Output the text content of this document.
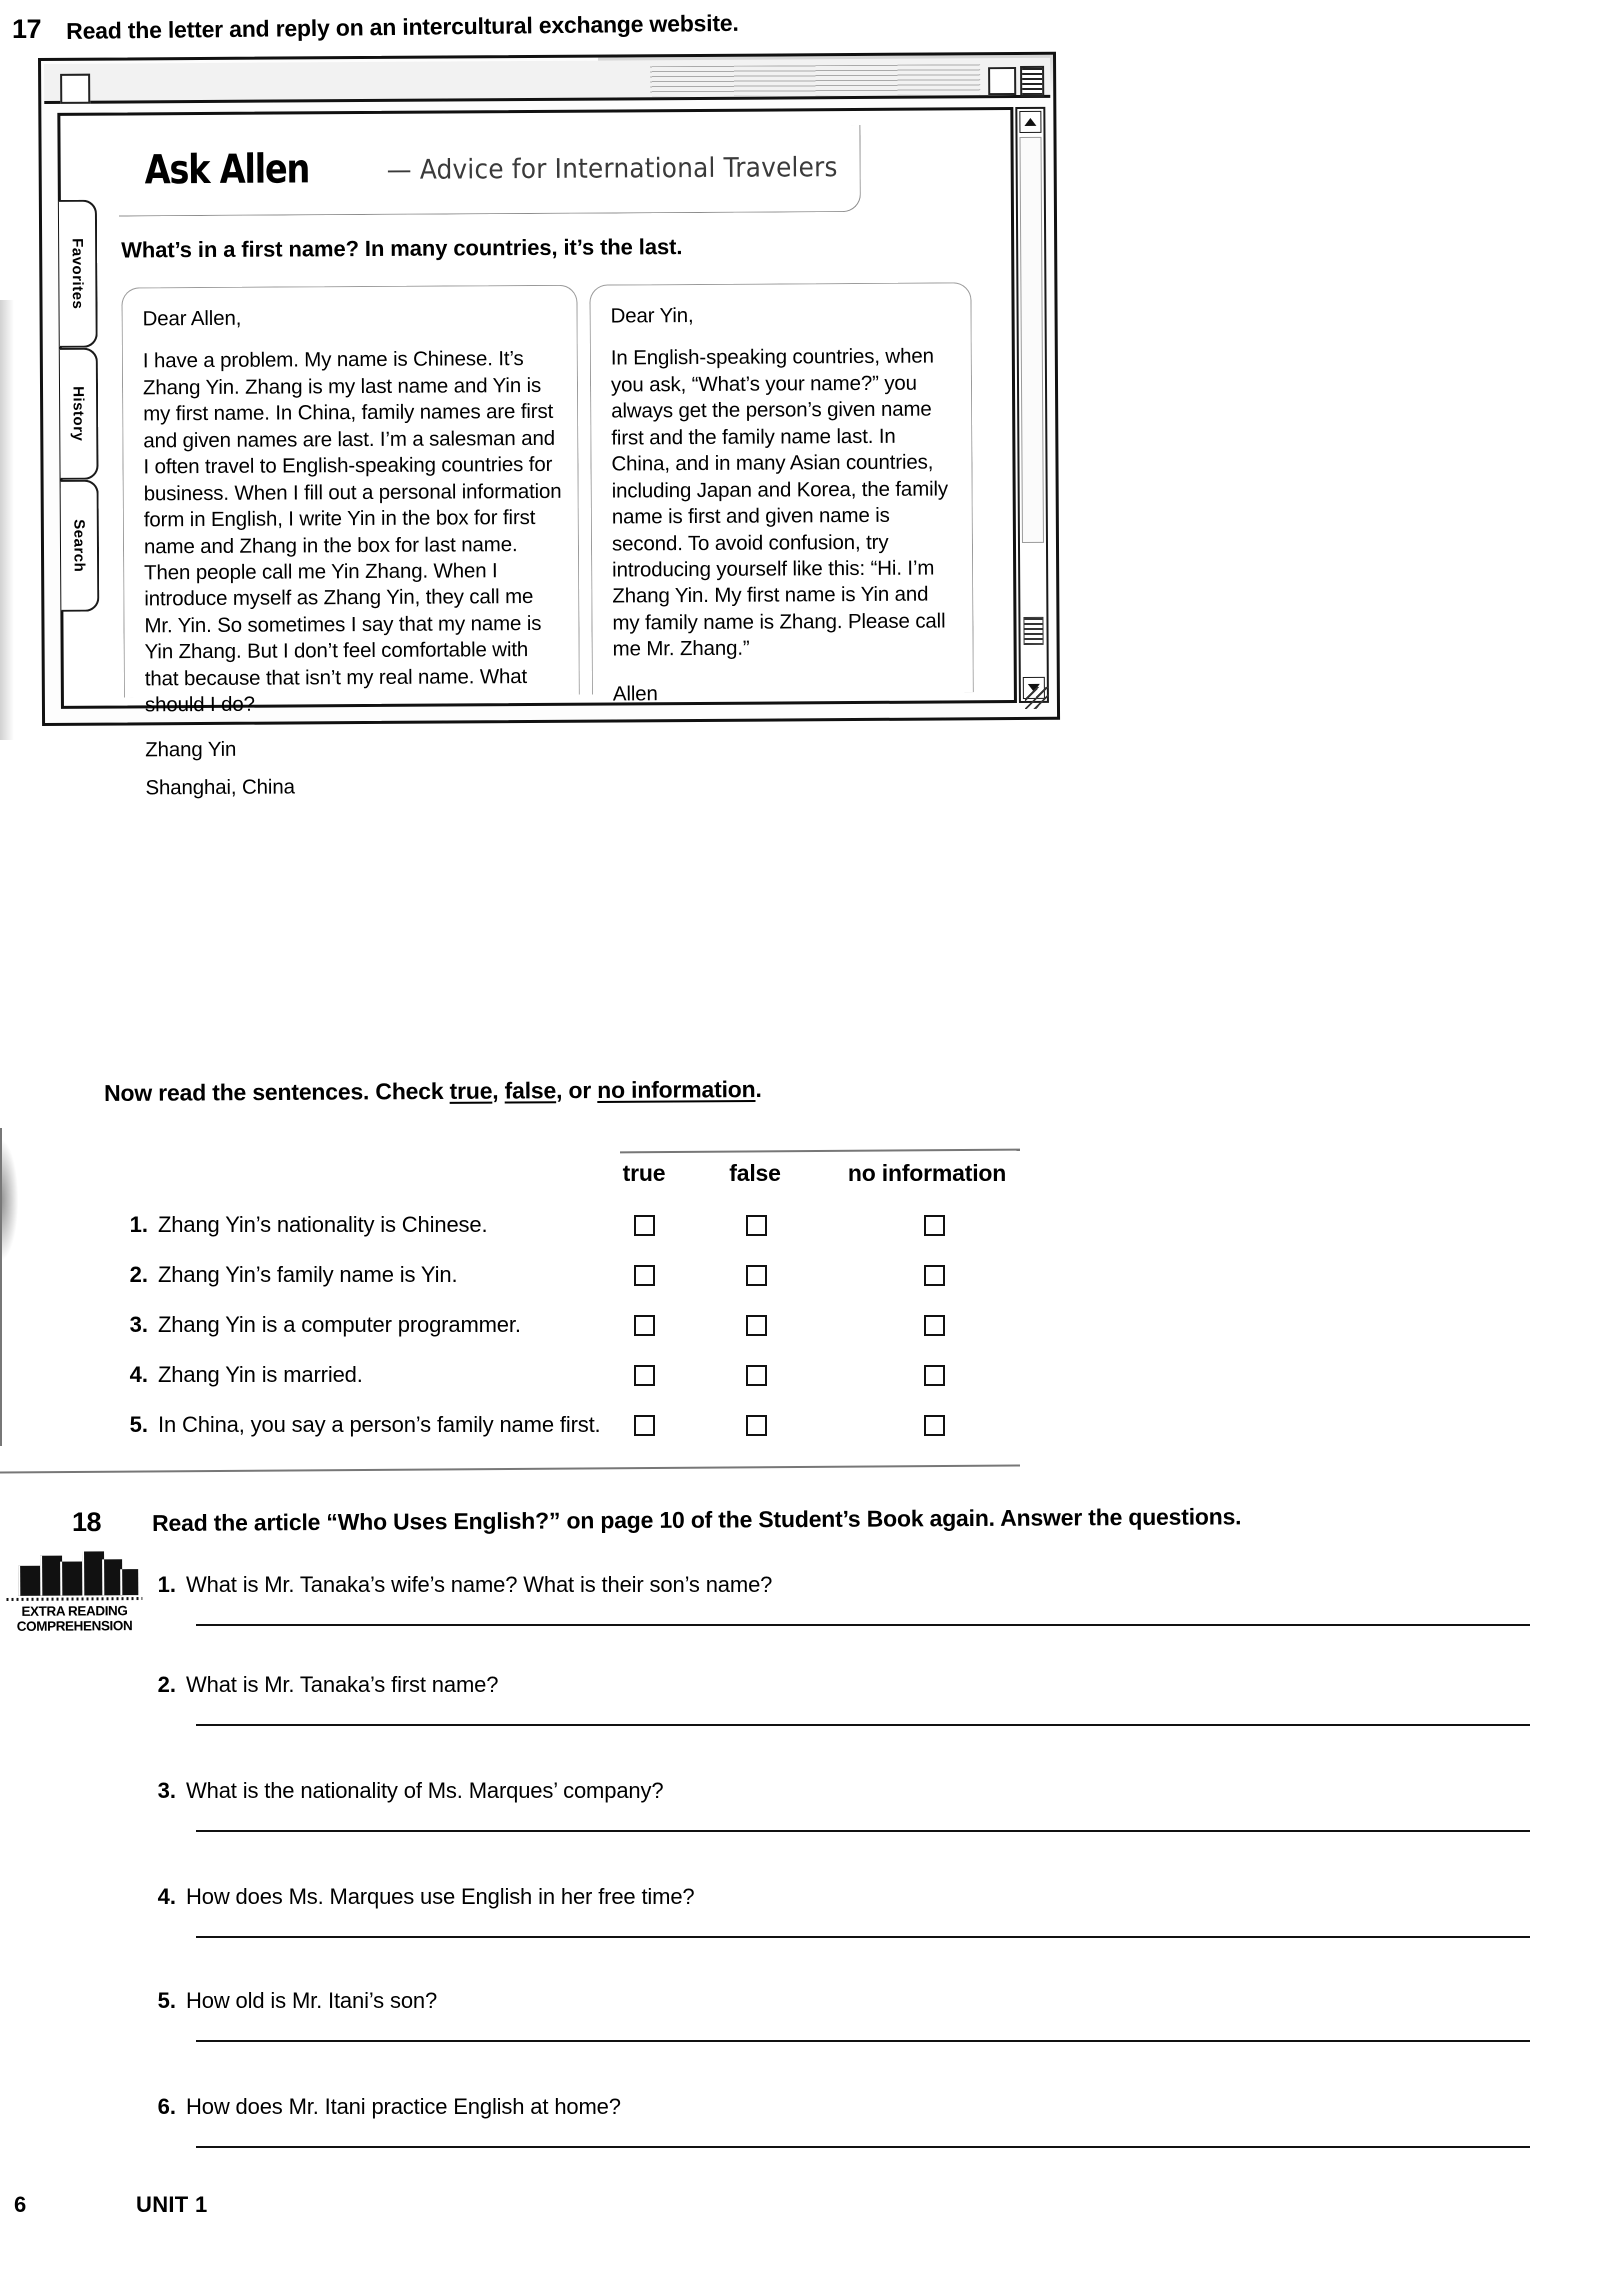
17 Read the letter and reply on an intercultural exchange website.
Favorites
History
Search
Ask Allen	— Advice for International Travelers
What’s in a first name? In many countries, it’s the last.

Dear Allen,

I have a problem. My name is Chinese. It’s Zhang Yin. Zhang is my last name and Yin is my first name. In China, family names are first and given names are last. I’m a salesman and I often travel to English-speaking countries for business. When I fill out a personal information form in English, I write Yin in the box for first name and Zhang in the box for last name. Then people call me Yin Zhang. When I introduce myself as Zhang Yin, they call me Mr. Yin. So sometimes I say that my name is Yin Zhang. But I don’t feel comfortable with that because that isn’t my real name. What should I do?

Zhang Yin

Shanghai, China

Dear Yin,

In English-speaking countries, when you ask, “What’s your name?” you always get the person’s given name first and the family name last. In China, and in many Asian countries, including Japan and Korea, the family name is first and given name is second. To avoid confusion, try introducing yourself like this: “Hi. I’m Zhang Yin. My first name is Yin and my family name is Zhang. Please call me Mr. Zhang.”

Allen

Now read the sentences. Check true, false, or no information.
true	false	no information
1. Zhang Yin’s nationality is Chinese.
2. Zhang Yin’s family name is Yin.
3. Zhang Yin is a computer programmer.
4. Zhang Yin is married.
5. In China, you say a person’s family name first.
18 Read the article “Who Uses English?” on page 10 of the Student’s Book again. Answer the questions.
EXTRA READING
COMPREHENSION
1. What is Mr. Tanaka’s wife’s name? What is their son’s name?
2. What is Mr. Tanaka’s first name?
3. What is the nationality of Ms. Marques’ company?
4. How does Ms. Marques use English in her free time?
5. How old is Mr. Itani’s son?
6. How does Mr. Itani practice English at home?
6	UNIT 1
